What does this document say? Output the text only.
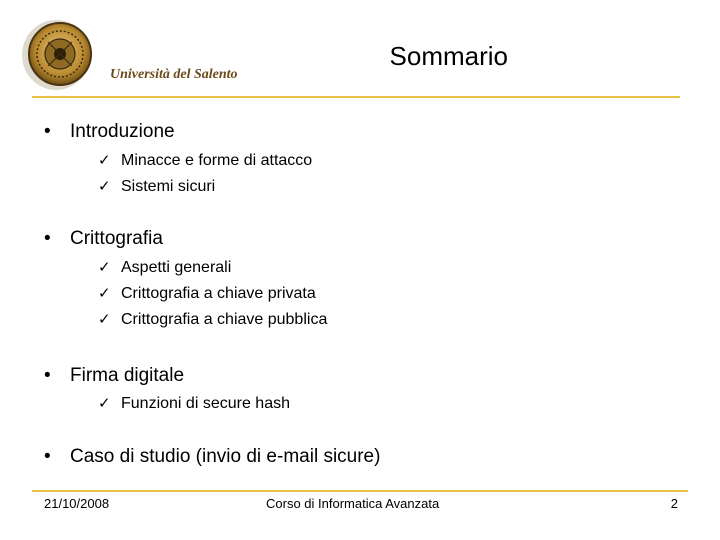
Università del Salento
Sommario
• Introduzione
✓ Minacce e forme di attacco
✓ Sistemi sicuri
• Crittografia
✓ Aspetti generali
✓ Crittografia a chiave privata
✓ Crittografia a chiave pubblica
• Firma digitale
✓ Funzioni di secure hash
• Caso di studio (invio di e-mail sicure)
21/10/2008	Corso di Informatica Avanzata	2
